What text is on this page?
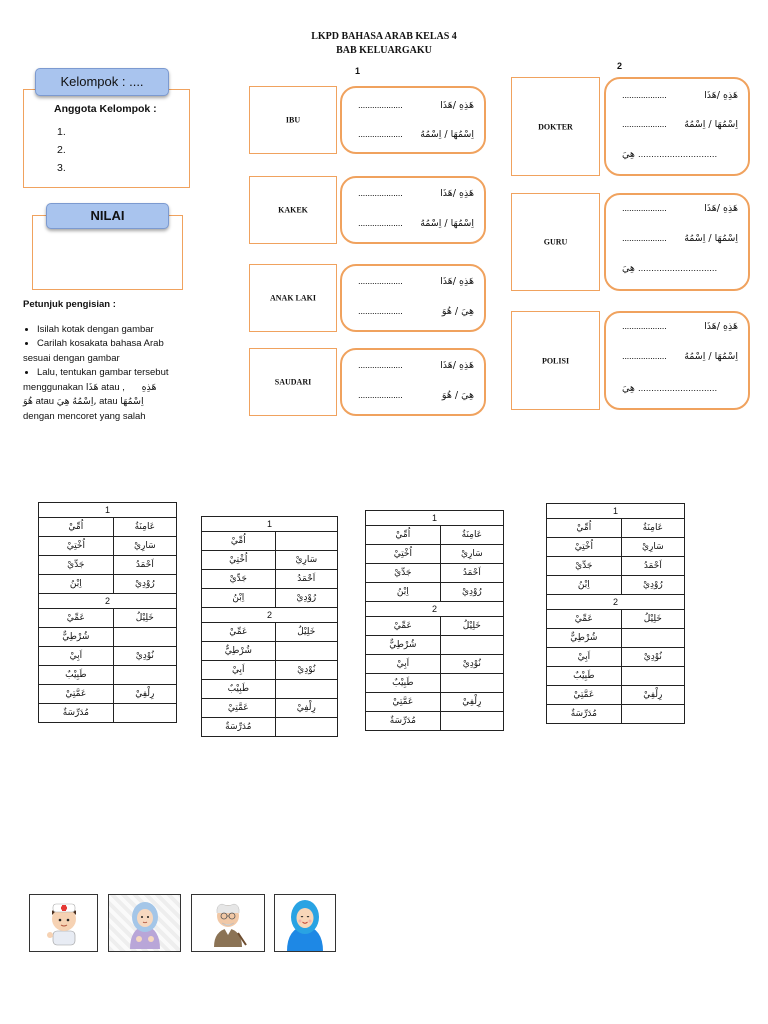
LKPD BAHASA ARAB KELAS 4
BAB KELUARGAKU
1	2
Anggota Kelompok :
1.
2.
3.
Kelompok : ....
NILAI
Petunjuk pengisian :
• Isilah kotak dengan gambar
• Carilah kosakata bahasa Arab
sesuai dengan gambar
• Lalu, tentukan gambar tersebut
menggunakan هَذَا atau , هَذِهِ
هُوَ atau اِسْمُهُ هِيَ, atau اِسْمُهَا
dengan mencoret yang salah
IBU
KAKEK
ANAK LAKI
SAUDARI
...................	هَذِهِ /هَذَا
................... اِسْمُهَا / اِسْمُهُ
...................	هَذِهِ /هَذَا
................... اِسْمُهَا / اِسْمُهُ
...................	هَذِهِ /هَذَا
...................	هِيَ / هُوَ
...................	هَذِهِ /هَذَا
...................	هِيَ / هُوَ
DOKTER
GURU
POLISI
...................	هَذِهِ /هَذَا
................... اِسْمُهَا / اِسْمُهُ
هِيَ ..............................
...................	هَذِهِ /هَذَا
................... اِسْمُهَا / اِسْمُهُ
هِيَ ..............................
...................	هَذِهِ /هَذَا
................... اِسْمُهَا / اِسْمُهُ
هِيَ ..............................
1	
اُمِّيْ	عَامِنَةُ
اُخْتِيْ	سَارِيْ
جَدِّيْ	اَحْمَدُ
اِبْنُ	رُوْدِيْ
2	
عَمِّيْ	خَلِيْلُ
شُرْطِيٌّ	
اَبِيْ	نُوْدِيْ
طَبِيْبٌ	
عَمَّتِيْ	رِلْفِيْ
مُدَرِّسَةٌ	
1	
اُمِّيْ	
اُخْتِيْ	سَارِيْ
جَدِّيْ	اَحْمَدُ
اِبْنُ	رُوْدِيْ
2	
عَمِّيْ	خَلِيْلُ
شُرْطِيٌّ	
اَبِيْ	نُوْدِيْ
طَبِيْبٌ	
عَمَّتِيْ	رِلْفِيْ
مُدَرِّسَةٌ	
1	
اُمِّيْ	عَامِنَةُ
اُخْتِيْ	سَارِيْ
جَدِّيْ	اَحْمَدُ
اِبْنُ	رُوْدِيْ
2	
عَمِّيْ	خَلِيْلُ
شُرْطِيٌّ	
اَبِيْ	نُوْدِيْ
طَبِيْبٌ	
عَمَّتِيْ	رِلْفِيْ
مُدَرِّسَةٌ	
1	
اُمِّيْ	عَامِنَةُ
اُخْتِيْ	سَارِيْ
جَدِّيْ	اَحْمَدُ
اِبْنُ	رُوْدِيْ
2	
عَمِّيْ	خَلِيْلُ
شُرْطِيٌّ	
اَبِيْ	نُوْدِيْ
طَبِيْبٌ	
عَمَّتِيْ	رِلْفِيْ
مُدَرِّسَةٌ	
